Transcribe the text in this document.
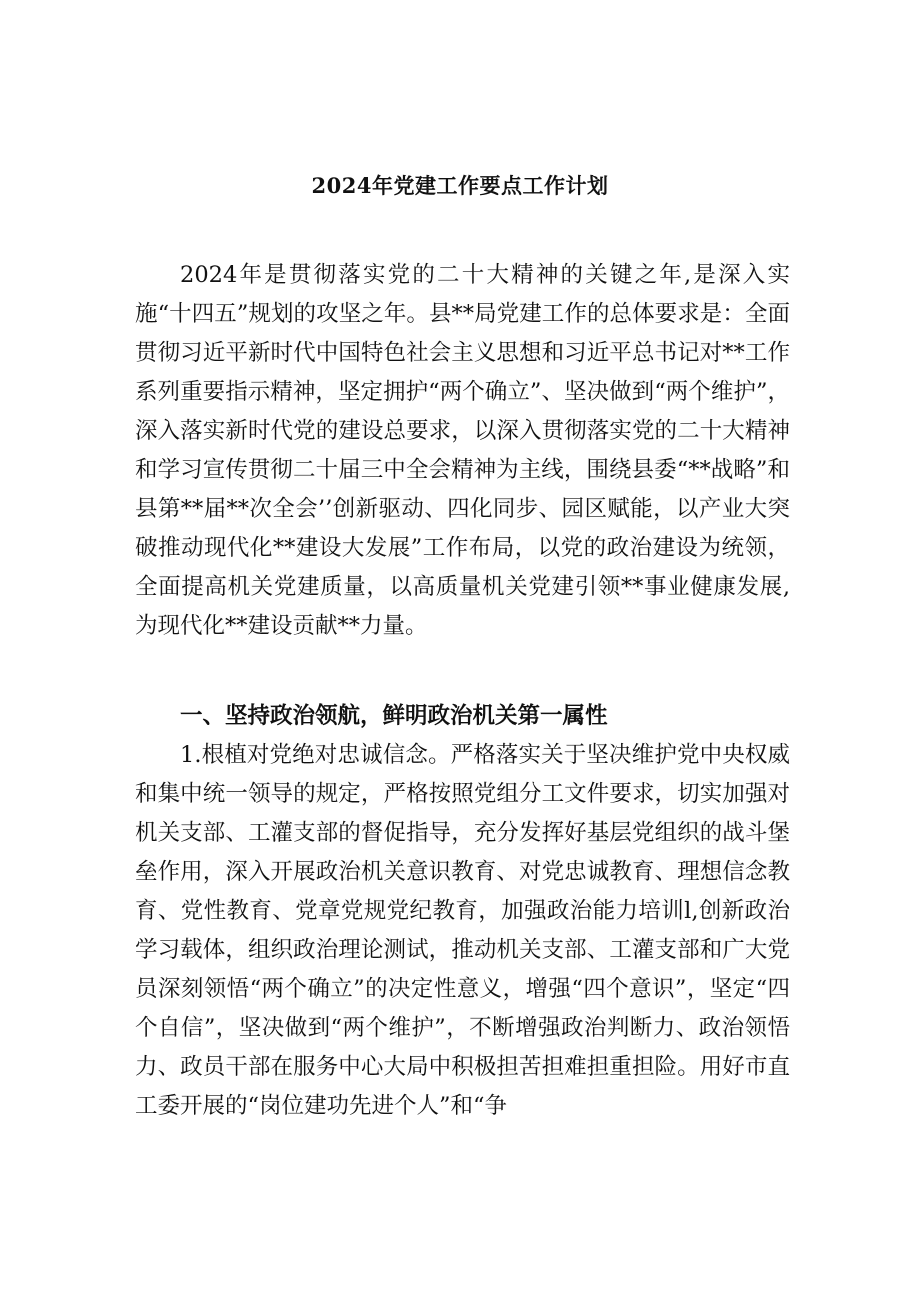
2024年党建工作要点工作计划

2024年是贯彻落实党的二十大精神的关键之年,是深入实施“十四五”规划的攻坚之年。县**局党建工作的总体要求是：全面贯彻习近平新时代中国特色社会主义思想和习近平总书记对**工作系列重要指示精神，坚定拥护“两个确立”、坚决做到“两个维护”，深入落实新时代党的建设总要求，以深入贯彻落实党的二十大精神和学习宣传贯彻二十届三中全会精神为主线，围绕县委“**战略”和县第**届**次全会’’创新驱动、四化同步、园区赋能，以产业大突破推动现代化**建设大发展”工作布局，以党的政治建设为统领，全面提高机关党建质量，以高质量机关党建引领**事业健康发展,为现代化**建设贡献**力量。

一、坚持政治领航，鲜明政治机关第一属性

1.根植对党绝对忠诚信念。严格落实关于坚决维护党中央权威和集中统一领导的规定，严格按照党组分工文件要求，切实加强对机关支部、工灌支部的督促指导，充分发挥好基层党组织的战斗堡垒作用，深入开展政治机关意识教育、对党忠诚教育、理想信念教育、党性教育、党章党规党纪教育，加强政治能力培训l,创新政治学习载体，组织政治理论测试，推动机关支部、工灌支部和广大党员深刻领悟“两个确立”的决定性意义，增强“四个意识”，坚定“四个自信”，坚决做到“两个维护”，不断增强政治判断力、政治领悟力、政员干部在服务中心大局中积极担苦担难担重担险。用好市直工委开展的“岗位建功先进个人”和“争
